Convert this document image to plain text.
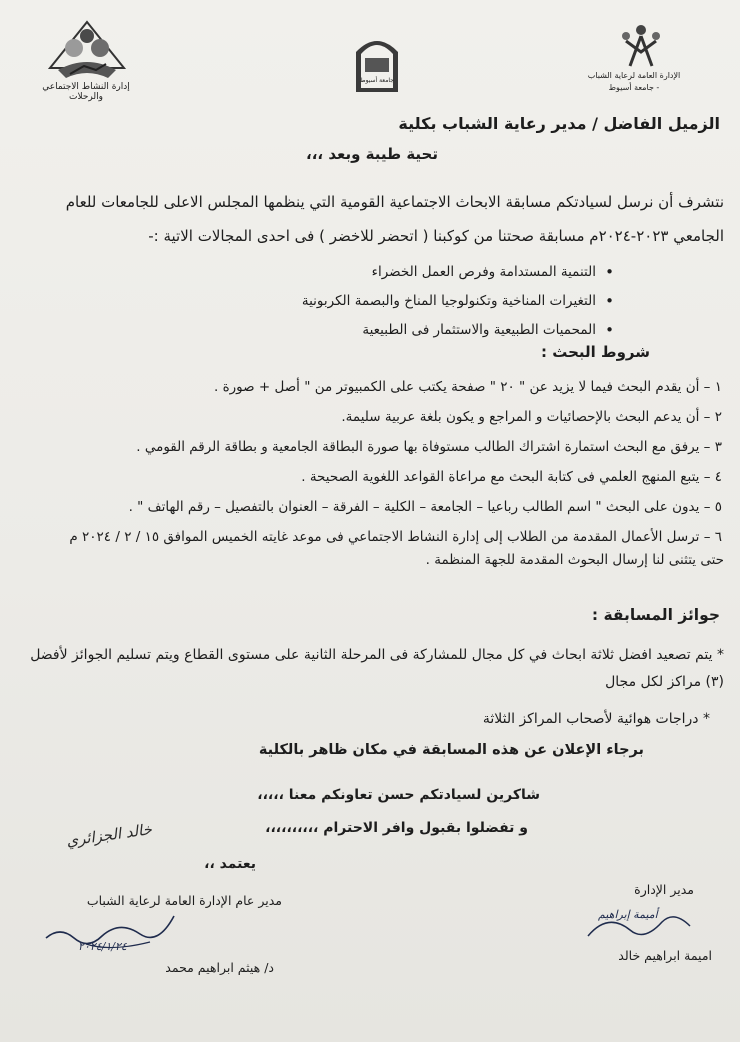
إدارة النشاط الاجتماعي والرحلات
جامعة أسيوط
الإدارة العامة لرعاية الشباب - جامعة أسيوط
الزميل الفاضل / مدير رعاية الشباب بكلية
تحية طيبة وبعد ،،،
نتشرف أن نرسل لسيادتكم مسابقة الابحاث الاجتماعية القومية التي ينظمها المجلس الاعلى للجامعات للعام الجامعي ٢٠٢٣-٢٠٢٤م مسابقة صحتنا من كوكبنا ( اتحضر للاخضر ) فى احدى المجالات الاتية :-
• التنمية المستدامة وفرص العمل الخضراء
• التغيرات المناخية وتكنولوجيا المناخ والبصمة الكربونية
• المحميات الطبيعية والاستثمار فى الطبيعية
شروط البحث :
١ – أن يقدم البحث فيما لا يزيد عن " ٢٠ " صفحة يكتب على الكمبيوتر من " أصل + صورة .
٢ – أن يدعم البحث بالإحصائيات و المراجع و يكون بلغة عربية سليمة.
٣ – يرفق مع البحث استمارة اشتراك الطالب مستوفاة بها صورة البطاقة الجامعية و بطاقة الرقم القومي .
٤ – يتبع المنهج العلمي فى كتابة البحث مع مراعاة القواعد اللغوية الصحيحة .
٥ – يدون على البحث " اسم الطالب رباعيا – الجامعة – الكلية – الفرقة – العنوان بالتفصيل – رقم الهاتف " .
٦ – ترسل الأعمال المقدمة من الطلاب إلى إدارة النشاط الاجتماعي فى موعد غايته الخميس الموافق ١٥ / ٢ / ٢٠٢٤ م
حتى يتثنى لنا إرسال البحوث المقدمة للجهة المنظمة .
جوائز المسابقة :
* يتم تصعيد افضل ثلاثة ابحاث في كل مجال للمشاركة فى المرحلة الثانية على مستوى القطاع ويتم تسليم الجوائز لأفضل (٣) مراكز لكل مجال
* دراجات هوائية لأصحاب المراكز الثلاثة
برجاء الإعلان عن هذه المسابقة في مكان ظاهر بالكلية
شاكرين لسيادتكم حسن تعاونكم معنا ،،،،،
و تفضلوا بقبول وافر الاحترام ،،،،،،،،،،
يعتمد ،،
خالد الجزائري
مدير عام الإدارة العامة لرعاية الشباب
٢٠٢٤/١/٢٤
د/ هيثم ابراهيم محمد
مدير الإدارة
أميمة إبراهيم
اميمة ابراهيم خالد
